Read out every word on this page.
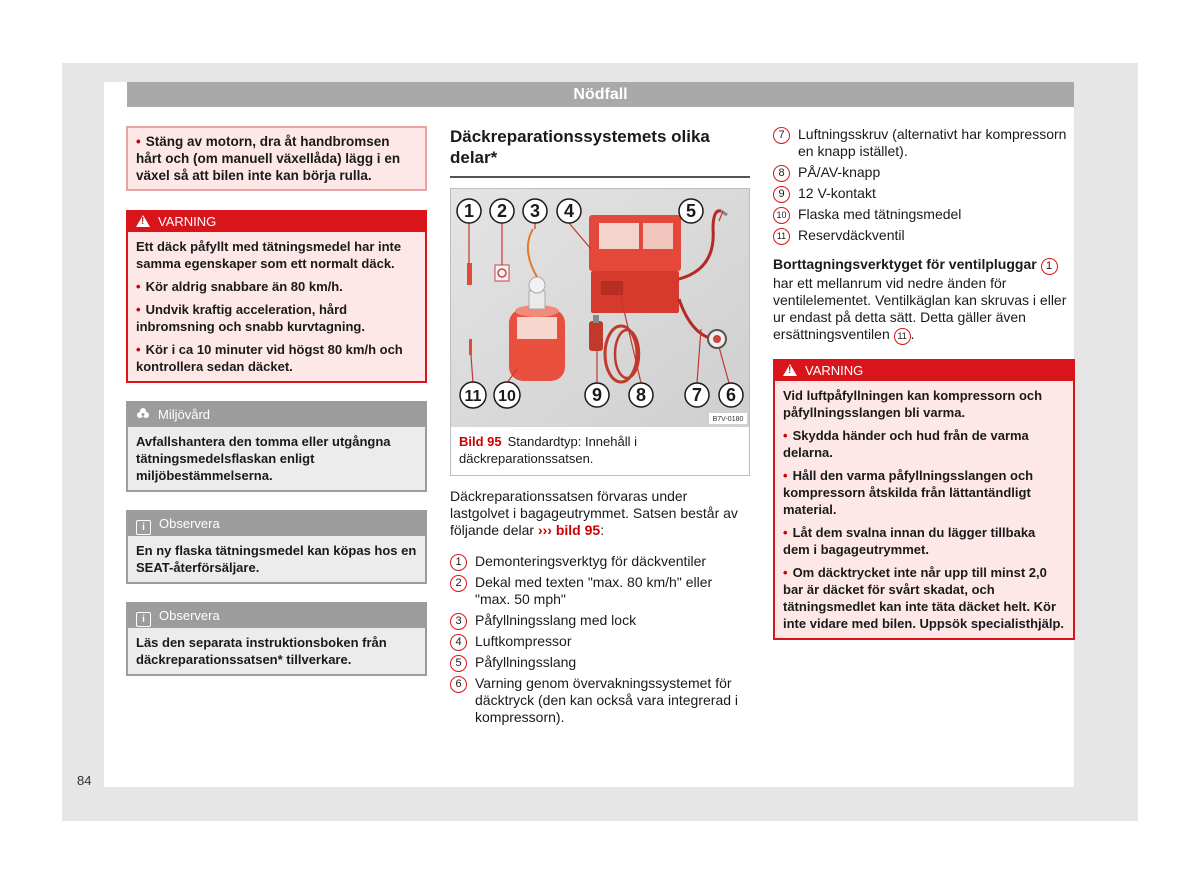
Nödfall
• Stäng av motorn, dra åt handbromsen hårt och (om manuell växellåda) lägg i en växel så att bilen inte kan börja rulla.
!VARNING

Ett däck påfyllt med tätningsmedel har inte samma egenskaper som ett normalt däck.

• Kör aldrig snabbare än 80 km/h.

• Undvik kraftig acceleration, hård inbromsning och snabb kurvtagning.

• Kör i ca 10 minuter vid högst 80 km/h och kontrollera sedan däcket.

Miljövård
Avfallshantera den tomma eller utgångna tätningsmedelsflaskan enligt miljöbestämmelserna.
i Observera
En ny flaska tätningsmedel kan köpas hos en SEAT-återförsäljare.
i Observera
Läs den separata instruktionsboken från däckreparationssatsen* tillverkare.
Däckreparationssystemets olika delar*
1 2 3 4	5
6
7
8
9
10
11
B7V-0180
Bild 95 Standardtyp: Innehåll i däckreparationssatsen.

Däckreparationssatsen förvaras under lastgolvet i bagageutrymmet. Satsen består av följande delar ››› bild 95:

1 Demonteringsverktyg för däckventiler
2 Dekal med texten "max. 80 km/h" eller "max. 50 mph"
3 Påfyllningsslang med lock
4 Luftkompressor
5 Påfyllningsslang
6 Varning genom övervakningssystemet för däcktryck (den kan också vara integrerad i kompressorn).
7 Luftningsskruv (alternativt har kompressorn en knapp istället).
8 PÅ/AV-knapp
9 12 V-kontakt
10 Flaska med tätningsmedel
11 Reservdäckventil

Borttagningsverktyget för ventilpluggar 1 har ett mellanrum vid nedre änden för ventilelementet. Ventilkäglan kan skruvas i eller ur endast på detta sätt. Detta gäller även ersättningsventilen 11 .

!VARNING

Vid luftpåfyllningen kan kompressorn och påfyllningsslangen bli varma.

• Skydda händer och hud från de varma delarna.

• Håll den varma påfyllningsslangen och kompressorn åtskilda från lättantändligt material.

• Låt dem svalna innan du lägger tillbaka dem i bagageutrymmet.

• Om däcktrycket inte når upp till minst 2,0 bar är däcket för svårt skadat, och tätningsmedlet kan inte täta däcket helt. Kör inte vidare med bilen. Uppsök specialisthjälp.

84
